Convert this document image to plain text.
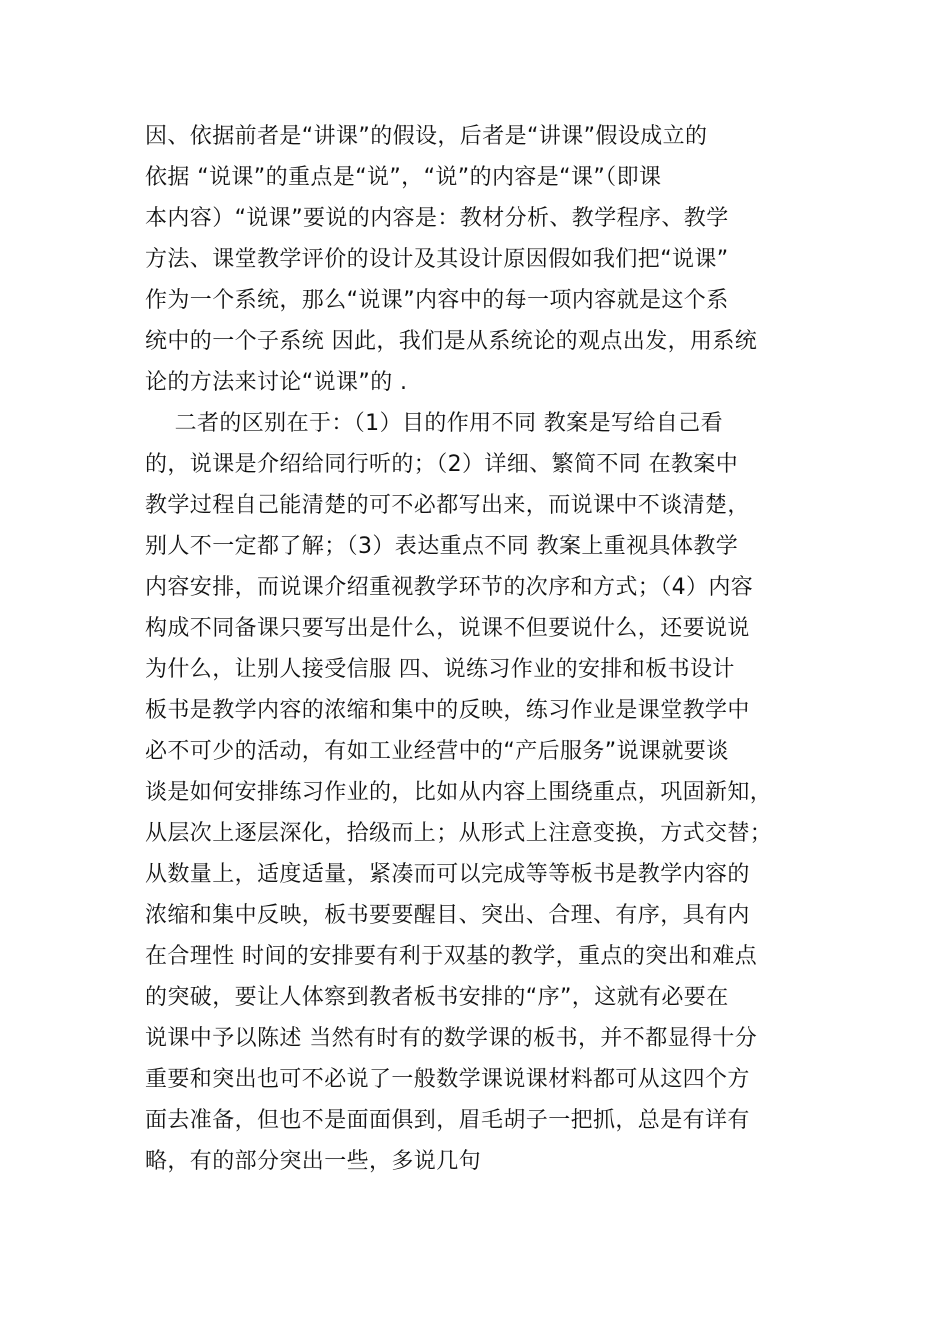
因、依据前者是“讲课”的假设，后者是“讲课”假设成立的
依据 “说课”的重点是“说”，“说”的内容是“课”（即课
本内容）“说课”要说的内容是：教材分析、教学程序、教学
方法、课堂教学评价的设计及其设计原因假如我们把“说课”
作为一个系统，那么“说课”内容中的每一项内容就是这个系
统中的一个子系统 因此，我们是从系统论的观点出发，用系统
论的方法来讨论“说课”的 .
二者的区别在于：（1）目的作用不同 教案是写给自己看
的，说课是介绍给同行听的；（2）详细、繁简不同 在教案中
教学过程自己能清楚的可不必都写出来，而说课中不谈清楚，
别人不一定都了解；（3）表达重点不同 教案上重视具体教学
内容安排，而说课介绍重视教学环节的次序和方式；（4）内容
构成不同备课只要写出是什么，说课不但要说什么，还要说说
为什么，让别人接受信服 四、说练习作业的安排和板书设计
板书是教学内容的浓缩和集中的反映，练习作业是课堂教学中
必不可少的活动，有如工业经营中的“产后服务”说课就要谈
谈是如何安排练习作业的，比如从内容上围绕重点，巩固新知，
从层次上逐层深化，拾级而上；从形式上注意变换，方式交替；
从数量上，适度适量，紧凑而可以完成等等板书是教学内容的
浓缩和集中反映，板书要要醒目、突出、合理、有序，具有内
在合理性 时间的安排要有利于双基的教学，重点的突出和难点
的突破，要让人体察到教者板书安排的“序”，这就有必要在
说课中予以陈述 当然有时有的数学课的板书，并不都显得十分
重要和突出也可不必说了一般数学课说课材料都可从这四个方
面去准备，但也不是面面俱到，眉毛胡子一把抓，总是有详有
略，有的部分突出一些，多说几句
